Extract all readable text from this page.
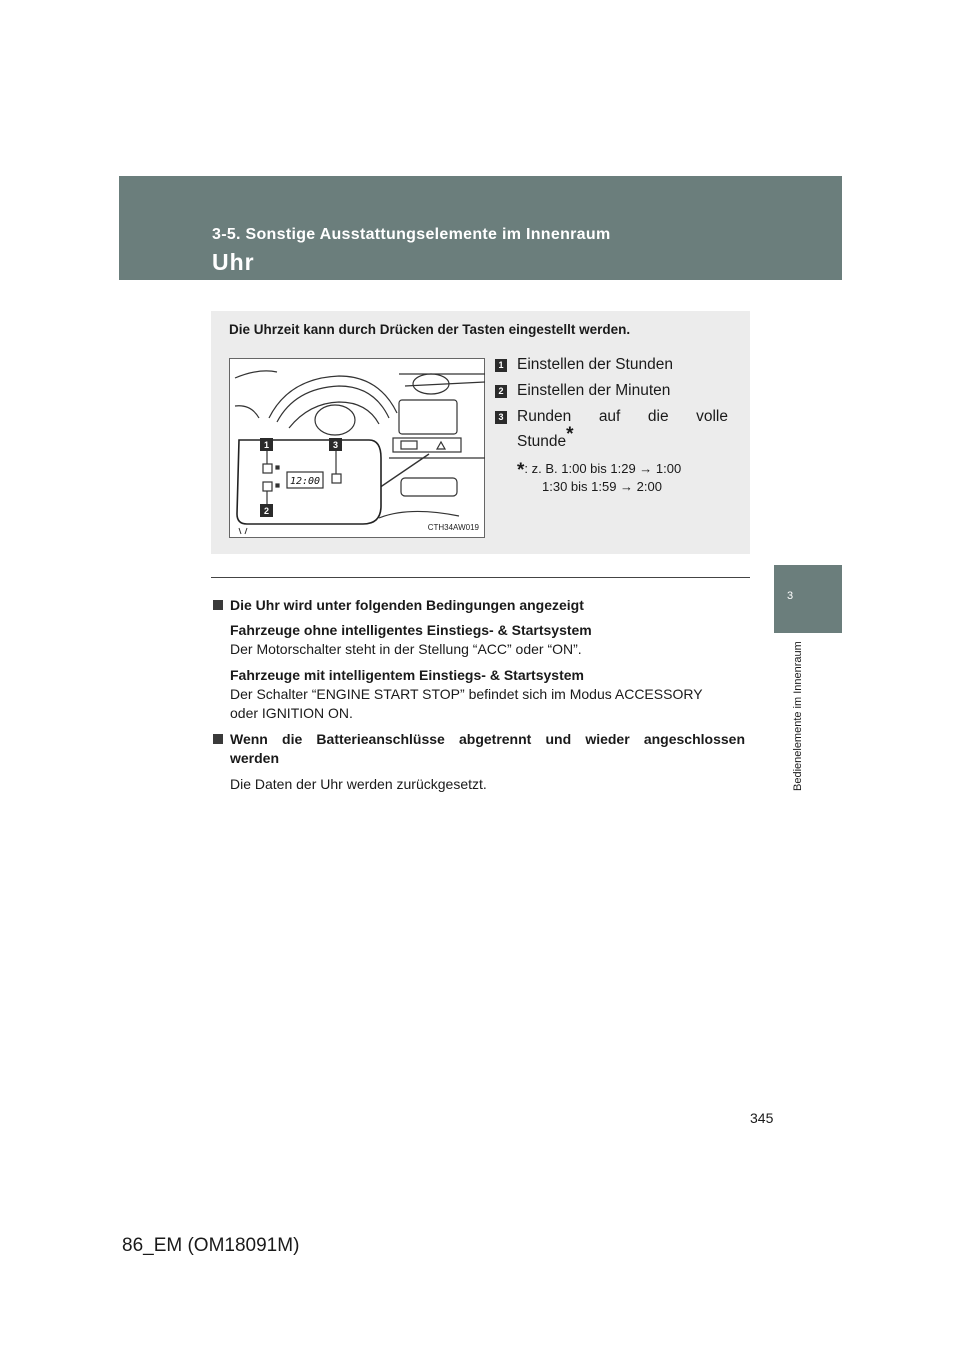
3-5. Sonstige Ausstattungselemente im Innenraum
Uhr
3
Bedienelemente im Innenraum
Die Uhrzeit kann durch Drücken der Tasten eingestellt werden.
12:00
1
2
3
CTH34AW019
1 Einstellen der Stunden
2 Einstellen der Minuten
3 Runden auf die volle
Stunde*
*: z. B. 1:00 bis 1:29 → 1:00
1:30 bis 1:59 → 2:00
Die Uhr wird unter folgenden Bedingungen angezeigt
Fahrzeuge ohne intelligentes Einstiegs- & Startsystem
Der Motorschalter steht in der Stellung “ACC” oder “ON”.
Fahrzeuge mit intelligentem Einstiegs- & Startsystem
Der Schalter “ENGINE START STOP” befindet sich im Modus ACCESSORY
oder IGNITION ON.
Wenn die Batterieanschlüsse abgetrennt und wieder angeschlossen
werden
Die Daten der Uhr werden zurückgesetzt.
345
86_EM (OM18091M)
